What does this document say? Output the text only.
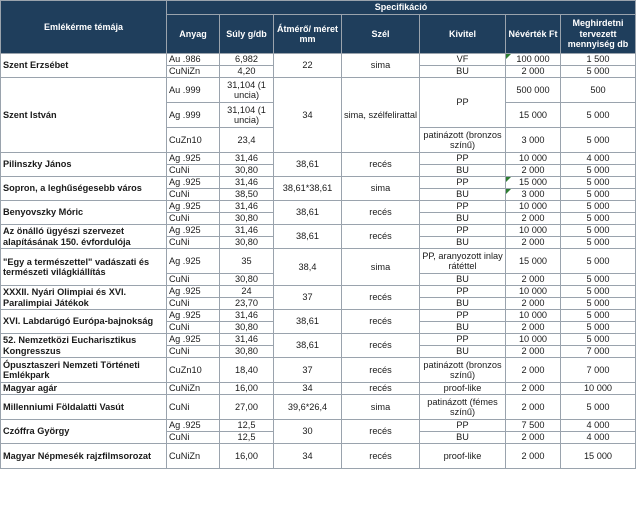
Emlékérme témája	Specifikáció						
	Anyag	Súly g/db	Átmérő/ méret mm	Szél	Kivitel	Névérték Ft	Meghirdetni tervezett mennyiség db
Szent Erzsébet	Au .986	6,982	22	sima	VF	100 000	1 500
	CuNiZn	4,20			BU	2 000	5 000
Szent István	Au .999	31,104 (1 uncia)	34	sima, szélfelirattal	PP	500 000	500
	Ag .999	31,104 (1 uncia)				15 000	5 000
	CuZn10	23,4			patinázott (bronzos színű)	3 000	5 000
Pilinszky János	Ag .925	31,46	38,61	recés	PP	10 000	4 000
	CuNi	30,80			BU	2 000	5 000
Sopron, a leghűségesebb város	Ag .925	31,46	38,61*38,61	sima	PP	15 000	5 000
	CuNi	38,50			BU	3 000	5 000
Benyovszky Móric	Ag .925	31,46	38,61	recés	PP	10 000	5 000
	CuNi	30,80			BU	2 000	5 000
Az önálló ügyészi szervezet alapításának 150. évfordulója	Ag .925	31,46	38,61	recés	PP	10 000	5 000
	CuNi	30,80			BU	2 000	5 000
"Egy a természettel" vadászati és természeti világkiállítás	Ag .925	35	38,4	sima	PP, aranyozott inlay rátéttel	15 000	5 000
	CuNi	30,80			BU	2 000	5 000
XXXII. Nyári Olimpiai és XVI. Paralimpiai Játékok	Ag .925	24	37	recés	PP	10 000	5 000
	CuNi	23,70			BU	2 000	5 000
XVI. Labdarúgó Európa-bajnokság	Ag .925	31,46	38,61	recés	PP	10 000	5 000
	CuNi	30,80			BU	2 000	5 000
52. Nemzetközi Eucharisztikus Kongresszus	Ag .925	31,46	38,61	recés	PP	10 000	5 000
	CuNi	30,80			BU	2 000	7 000
Ópusztaszeri Nemzeti Történeti Emlékpark	CuZn10	18,40	37	recés	patinázott (bronzos színű)	2 000	7 000
Magyar agár	CuNiZn	16,00	34	recés	proof-like	2 000	10 000
Millenniumi Földalatti Vasút	CuNi	27,00	39,6*26,4	sima	patinázott (fémes színű)	2 000	5 000
Czóffra György	Ag .925	12,5	30	recés	PP	7 500	4 000
	CuNi	12,5			BU	2 000	4 000
Magyar Népmesék rajzfilmsorozat	CuNiZn	16,00	34	recés	proof-like	2 000	15 000
